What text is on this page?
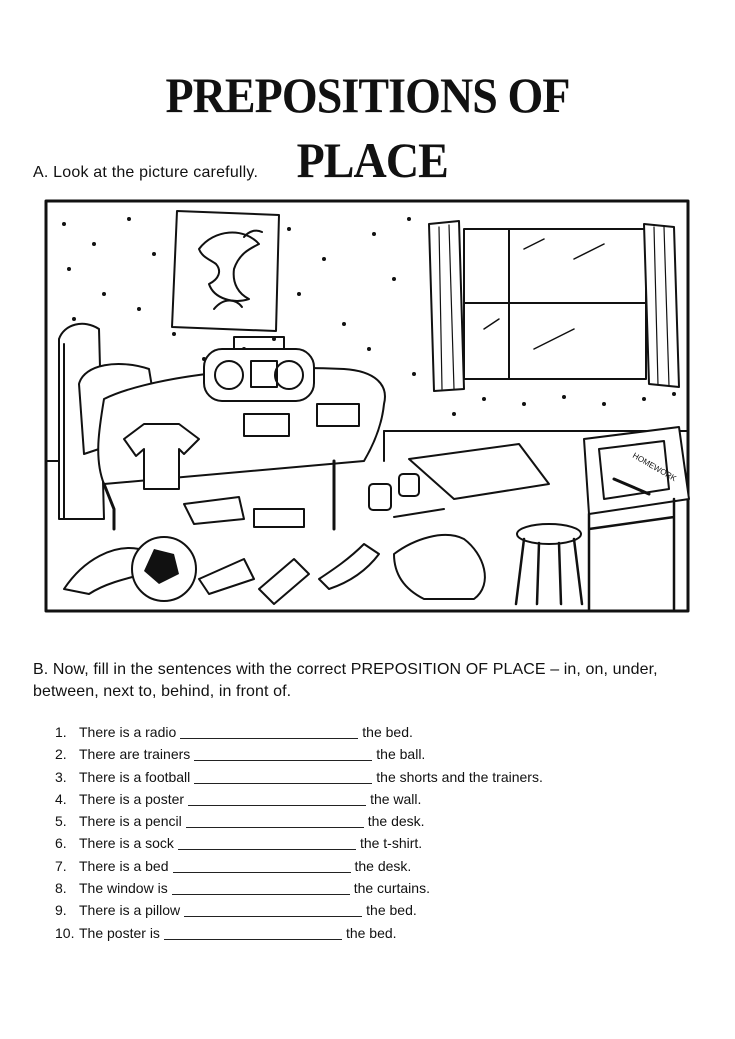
PREPOSITIONS OF
PLACE
A. Look at the picture carefully.
HOMEWORK
B. Now, fill in the sentences with the correct PREPOSITION OF PLACE – in, on, under, between, next to, behind, in front of.
1. There is a radio	the bed.
2. There are trainers	the ball.
3. There is a football	the shorts and the trainers.
4. There is a poster	the wall.
5. There is a pencil	the desk.
6. There is a sock	the t-shirt.
7. There is a bed	the desk.
8. The window is	the curtains.
9. There is a pillow	the bed.
10. The poster is	the bed.
